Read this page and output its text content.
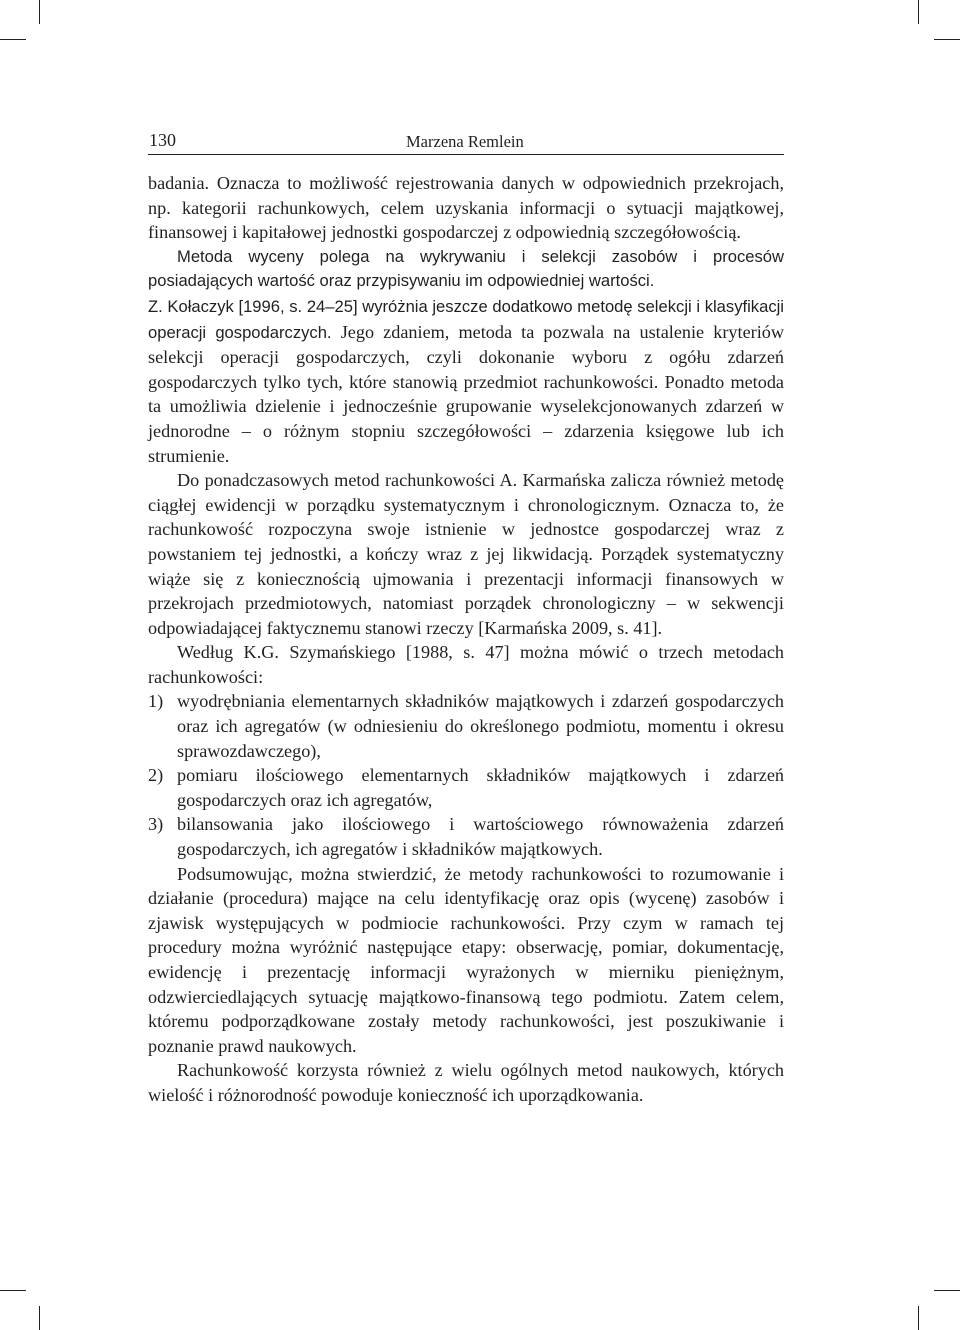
130	Marzena Remlein

badania. Oznacza to możliwość rejestrowania danych w odpowiednich przekrojach, np. kategorii rachunkowych, celem uzyskania informacji o sytuacji majątkowej, finansowej i kapitałowej jednostki gospodarczej z odpowiednią szczegółowością.

Metoda wyceny polega na wykrywaniu i selekcji zasobów i procesów posiadających wartość oraz przypisywaniu im odpowiedniej wartości.

Z. Kołaczyk [1996, s. 24–25] wyróżnia jeszcze dodatkowo metodę selekcji i klasyfikacji operacji gospodarczych. Jego zdaniem, metoda ta pozwala na ustalenie kryteriów selekcji operacji gospodarczych, czyli dokonanie wyboru z ogółu zdarzeń gospodarczych tylko tych, które stanowią przedmiot rachunkowości. Ponadto metoda ta umożliwia dzielenie i jednocześnie grupowanie wyselekcjonowanych zdarzeń w jednorodne – o różnym stopniu szczegółowości – zdarzenia księgowe lub ich strumienie.

Do ponadczasowych metod rachunkowości A. Karmańska zalicza również metodę ciągłej ewidencji w porządku systematycznym i chronologicznym. Oznacza to, że rachunkowość rozpoczyna swoje istnienie w jednostce gospodarczej wraz z powstaniem tej jednostki, a kończy wraz z jej likwidacją. Porządek systematyczny wiąże się z koniecznością ujmowania i prezentacji informacji finansowych w przekrojach przedmiotowych, natomiast porządek chronologiczny – w sekwencji odpowiadającej faktycznemu stanowi rzeczy [Karmańska 2009, s. 41].

Według K.G. Szymańskiego [1988, s. 47] można mówić o trzech metodach rachunkowości:

1) wyodrębniania elementarnych składników majątkowych i zdarzeń gospodarczych oraz ich agregatów (w odniesieniu do określonego podmiotu, momentu i okresu sprawozdawczego),
2) pomiaru ilościowego elementarnych składników majątkowych i zdarzeń gospodarczych oraz ich agregatów,
3) bilansowania jako ilościowego i wartościowego równoważenia zdarzeń gospodarczych, ich agregatów i składników majątkowych.

Podsumowując, można stwierdzić, że metody rachunkowości to rozumowanie i działanie (procedura) mające na celu identyfikację oraz opis (wycenę) zasobów i zjawisk występujących w podmiocie rachunkowości. Przy czym w ramach tej procedury można wyróżnić następujące etapy: obserwację, pomiar, dokumentację, ewidencję i prezentację informacji wyrażonych w mierniku pieniężnym, odzwierciedlających sytuację majątkowo-finansową tego podmiotu. Zatem celem, któremu podporządkowane zostały metody rachunkowości, jest poszukiwanie i poznanie prawd naukowych.

Rachunkowość korzysta również z wielu ogólnych metod naukowych, których wielość i różnorodność powoduje konieczność ich uporządkowania.
